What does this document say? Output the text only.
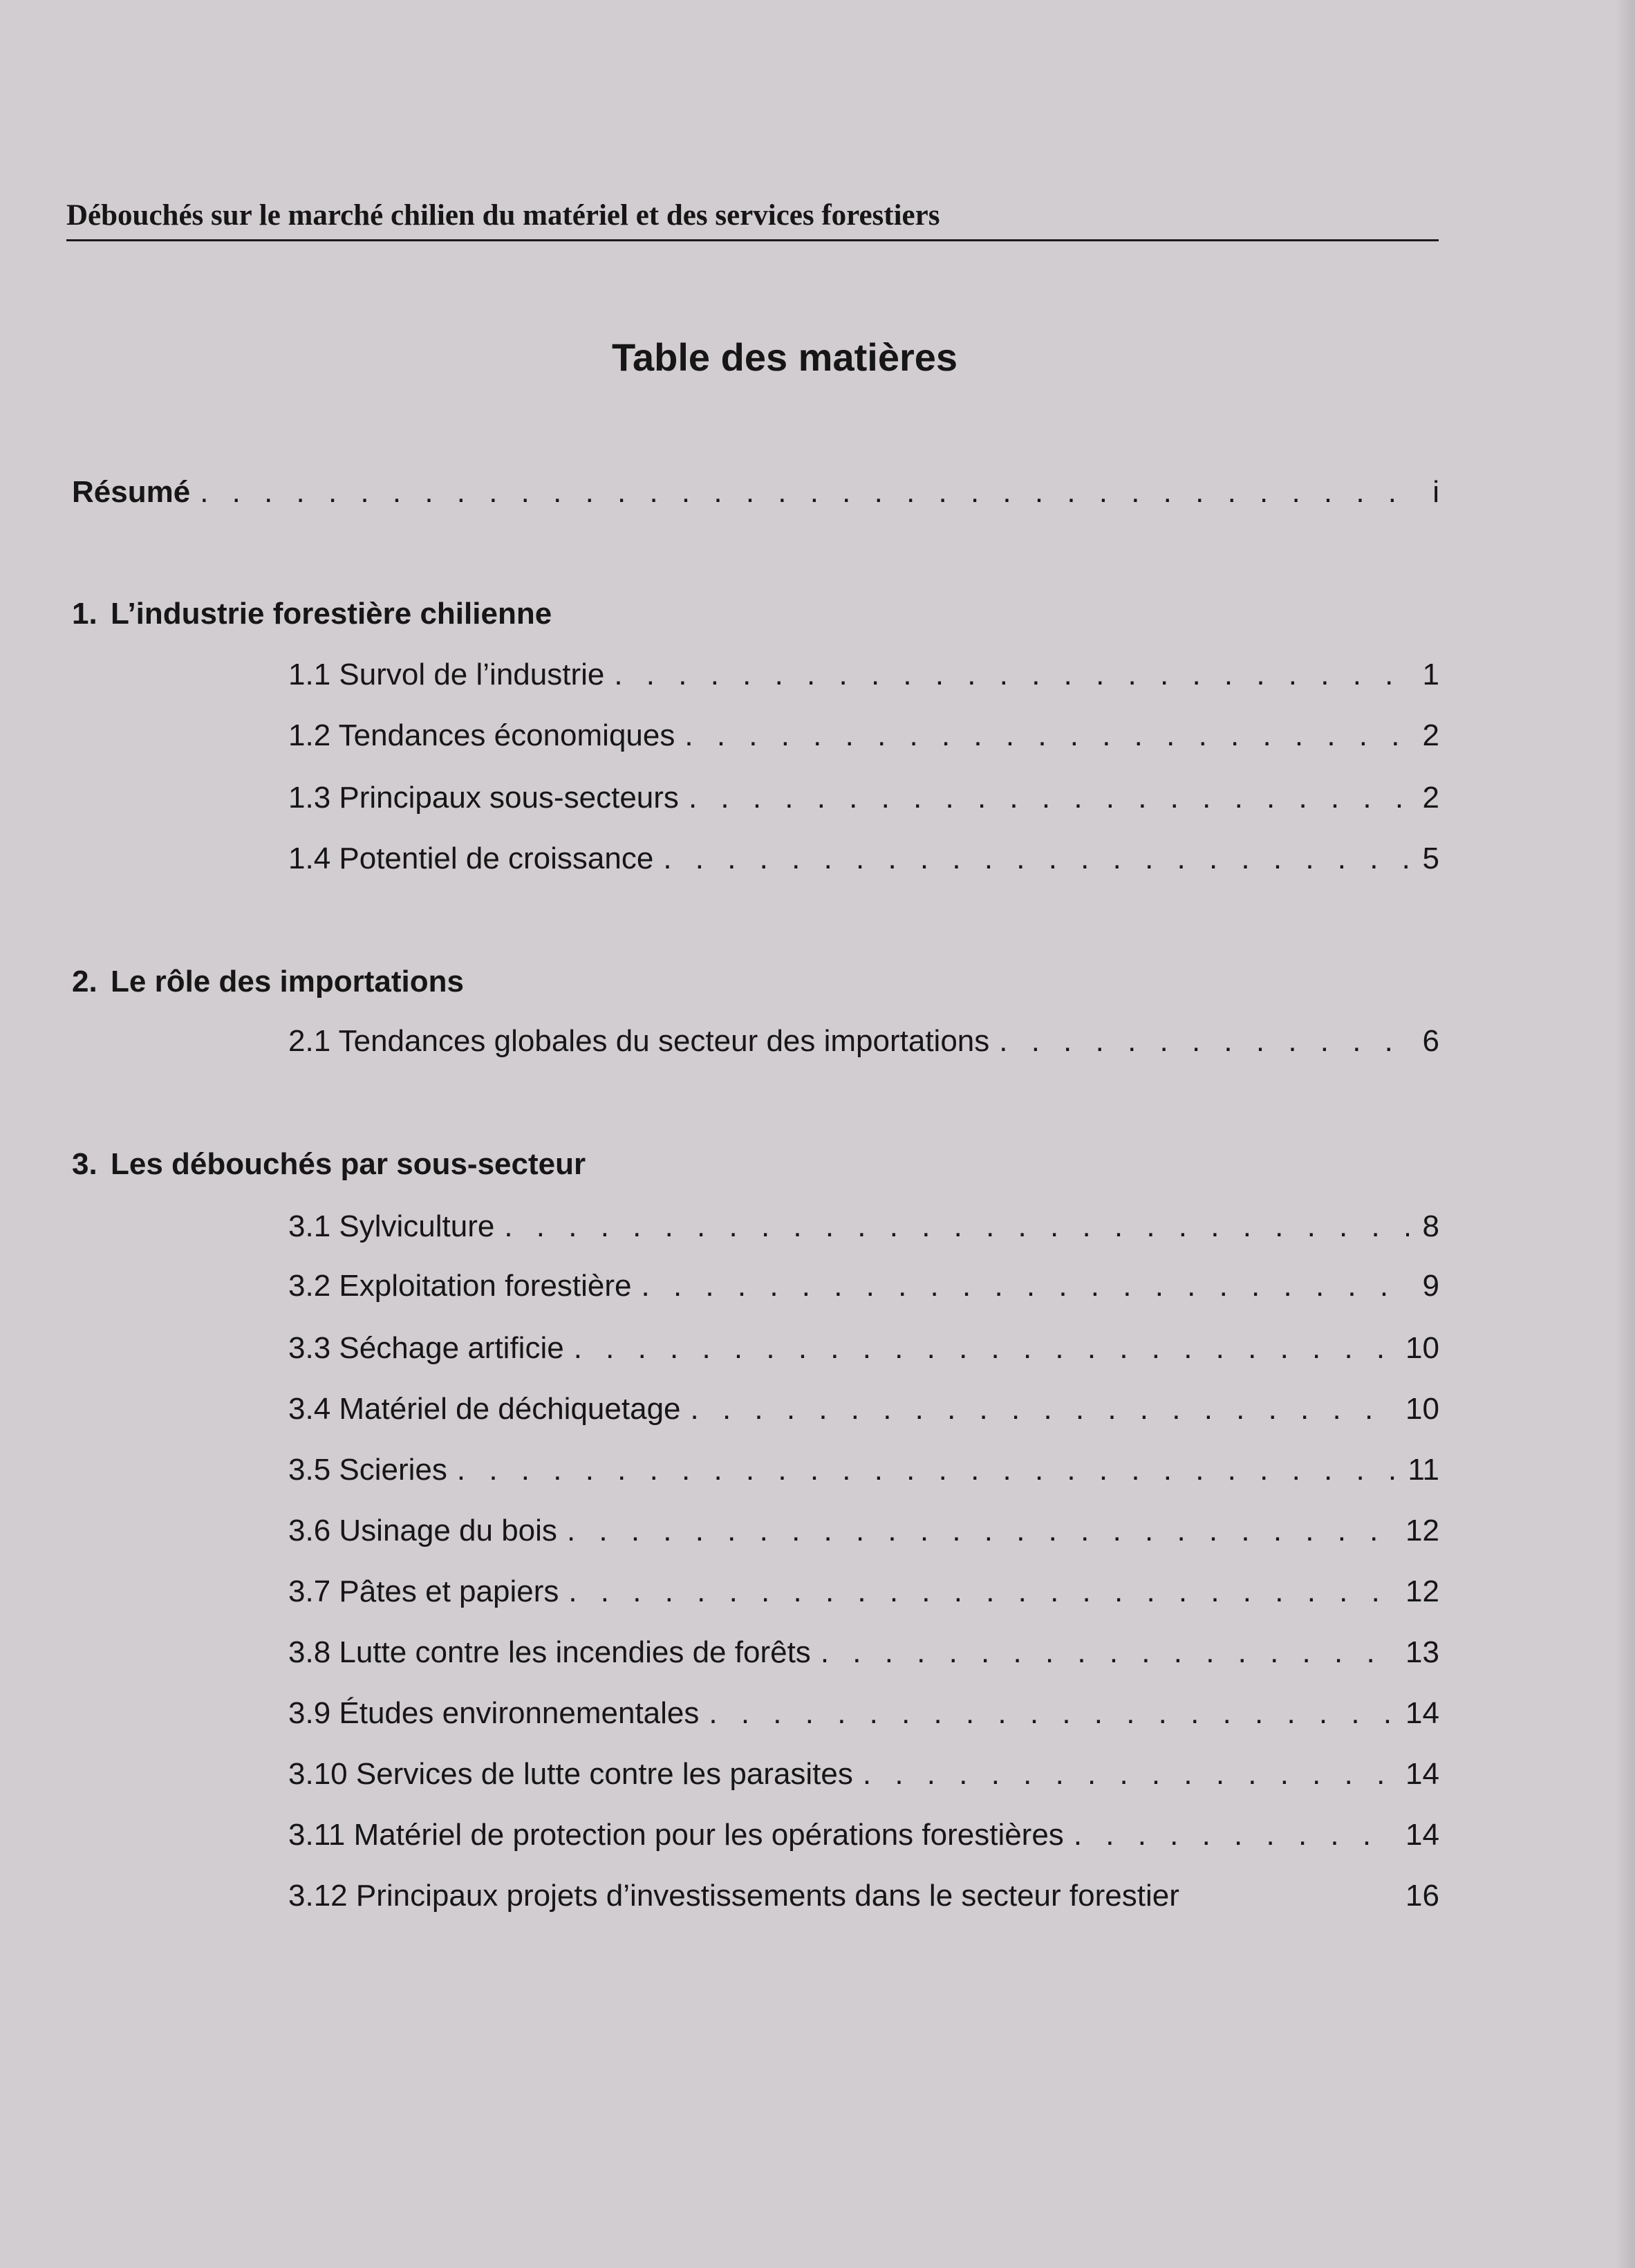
Débouchés sur le marché chilien du matériel et des services forestiers
Table des matières
Résumé . . .	i
1. L’industrie forestière chilienne
1.1 Survol de l’industrie . . .	1
1.2 Tendances économiques . . .	2
1.3 Principaux sous-secteurs . . .	2
1.4 Potentiel de croissance . . .	5
2. Le rôle des importations
2.1 Tendances globales du secteur des importations . . .	6
3. Les débouchés par sous-secteur
3.1 Sylviculture . . .	8
3.2 Exploitation forestière . . .	9
3.3 Séchage artificie . . .	10
3.4 Matériel de déchiquetage . . .	10
3.5 Scieries . . .	11
3.6 Usinage du bois . . .	12
3.7 Pâtes et papiers . . .	12
3.8 Lutte contre les incendies de forêts . . .	13
3.9 Études environnementales . . .	14
3.10 Services de lutte contre les parasites . . .	14
3.11 Matériel de protection pour les opérations forestières . . .	14
3.12 Principaux projets d’investissements dans le secteur forestier	16
